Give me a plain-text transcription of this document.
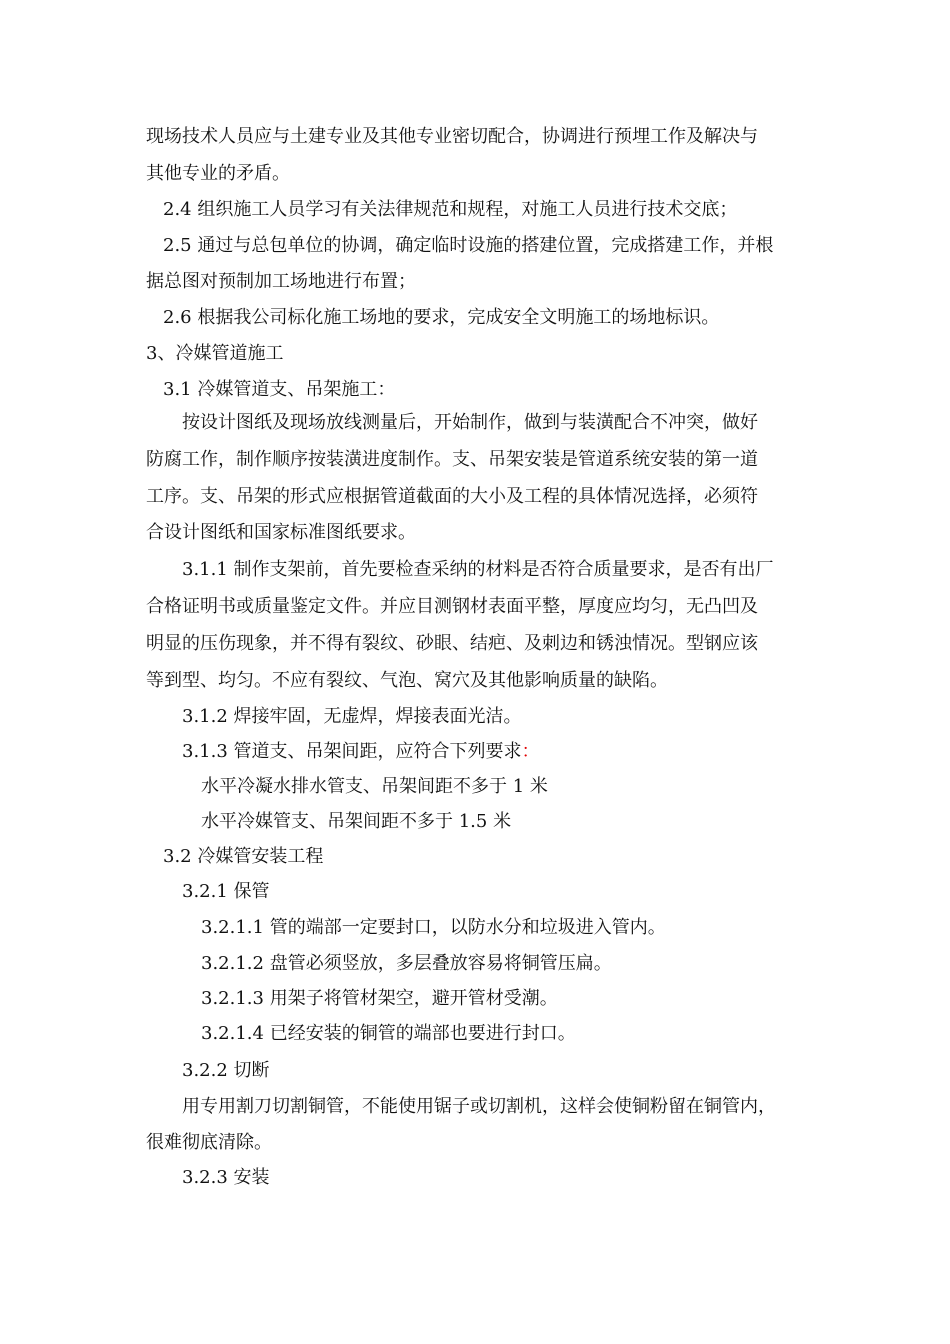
现场技术人员应与土建专业及其他专业密切配合，协调进行预埋工作及解决与
其他专业的矛盾。
2.4 组织施工人员学习有关法律规范和规程，对施工人员进行技术交底；
2.5 通过与总包单位的协调，确定临时设施的搭建位置，完成搭建工作，并根
据总图对预制加工场地进行布置；
2.6 根据我公司标化施工场地的要求，完成安全文明施工的场地标识。
3、冷媒管道施工
3.1 冷媒管道支、吊架施工：
按设计图纸及现场放线测量后，开始制作，做到与装潢配合不冲突，做好
防腐工作，制作顺序按装潢进度制作。支、吊架安装是管道系统安装的第一道
工序。支、吊架的形式应根据管道截面的大小及工程的具体情况选择，必须符
合设计图纸和国家标准图纸要求。
3.1.1 制作支架前，首先要检查采纳的材料是否符合质量要求，是否有出厂
合格证明书或质量鉴定文件。并应目测钢材表面平整，厚度应均匀，无凸凹及
明显的压伤现象，并不得有裂纹、砂眼、结疤、及刺边和锈浊情况。型钢应该
等到型、均匀。不应有裂纹、气泡、窝穴及其他影响质量的缺陷。
3.1.2 焊接牢固，无虚焊，焊接表面光洁。
3.1.3 管道支、吊架间距，应符合下列要求：
水平冷凝水排水管支、吊架间距不多于 1 米
水平冷媒管支、吊架间距不多于 1.5 米
3.2 冷媒管安装工程
3.2.1 保管
3.2.1.1 管的端部一定要封口，以防水分和垃圾进入管内。
3.2.1.2 盘管必须竖放，多层叠放容易将铜管压扁。
3.2.1.3 用架子将管材架空，避开管材受潮。
3.2.1.4 已经安装的铜管的端部也要进行封口。
3.2.2 切断
用专用割刀切割铜管，不能使用锯子或切割机，这样会使铜粉留在铜管内，
很难彻底清除。
3.2.3 安装
